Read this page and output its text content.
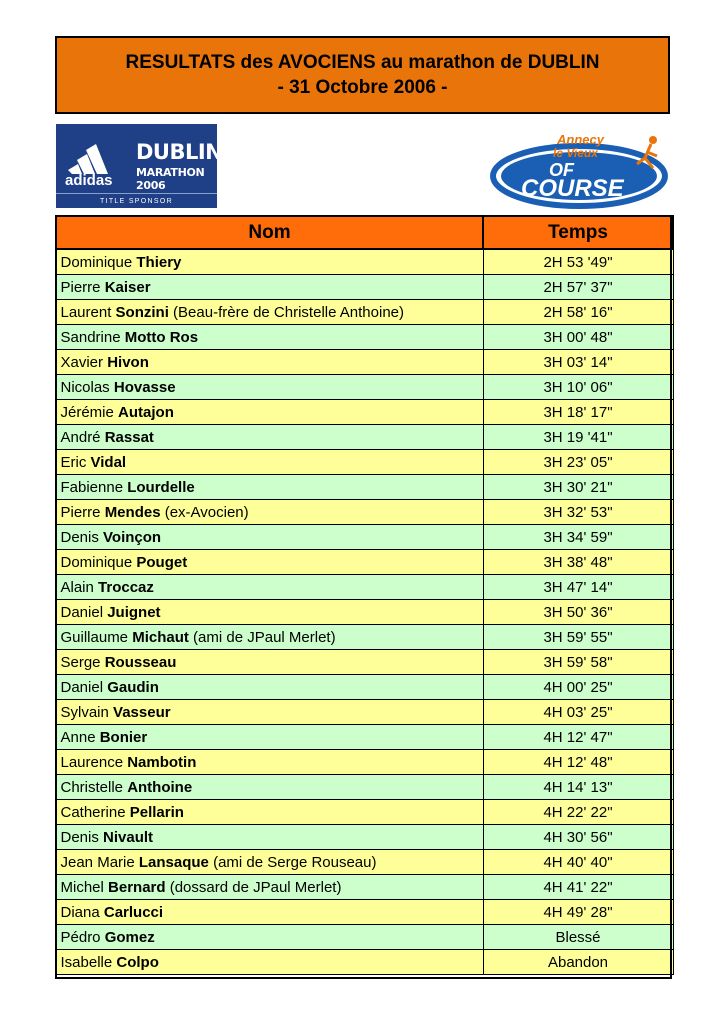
RESULTATS des AVOCIENS au marathon de DUBLIN
- 31 Octobre 2006 -
adidas
DUBLIN
MARATHON 2006
TITLE SPONSOR
Annecy
le Vieux
OF
COURSE
Nom	Temps
Dominique Thiery	2H 53 '49"
Pierre Kaiser	2H 57' 37"
Laurent Sonzini (Beau-frère de Christelle Anthoine)	2H 58' 16"
Sandrine Motto Ros	3H 00' 48"
Xavier Hivon	3H 03' 14"
Nicolas Hovasse	3H 10' 06"
Jérémie Autajon	3H 18' 17"
André Rassat	3H 19 '41"
Eric Vidal	3H 23' 05"
Fabienne Lourdelle	3H 30' 21"
Pierre Mendes (ex-Avocien)	3H 32' 53"
Denis Voinçon	3H 34' 59"
Dominique Pouget	3H 38' 48"
Alain Troccaz	3H 47' 14"
Daniel Juignet	3H 50' 36"
Guillaume Michaut (ami de JPaul Merlet)	3H 59' 55"
Serge Rousseau	3H 59' 58"
Daniel Gaudin	4H 00' 25"
Sylvain Vasseur	4H 03' 25"
Anne Bonier	4H 12' 47"
Laurence Nambotin	4H 12' 48"
Christelle Anthoine	4H 14' 13"
Catherine Pellarin	4H 22' 22"
Denis Nivault	4H 30' 56"
Jean Marie Lansaque (ami de Serge Rouseau)	4H 40' 40"
Michel Bernard (dossard de JPaul Merlet)	4H 41' 22"
Diana Carlucci	4H 49' 28"
Pédro Gomez	Blessé
Isabelle Colpo	Abandon
